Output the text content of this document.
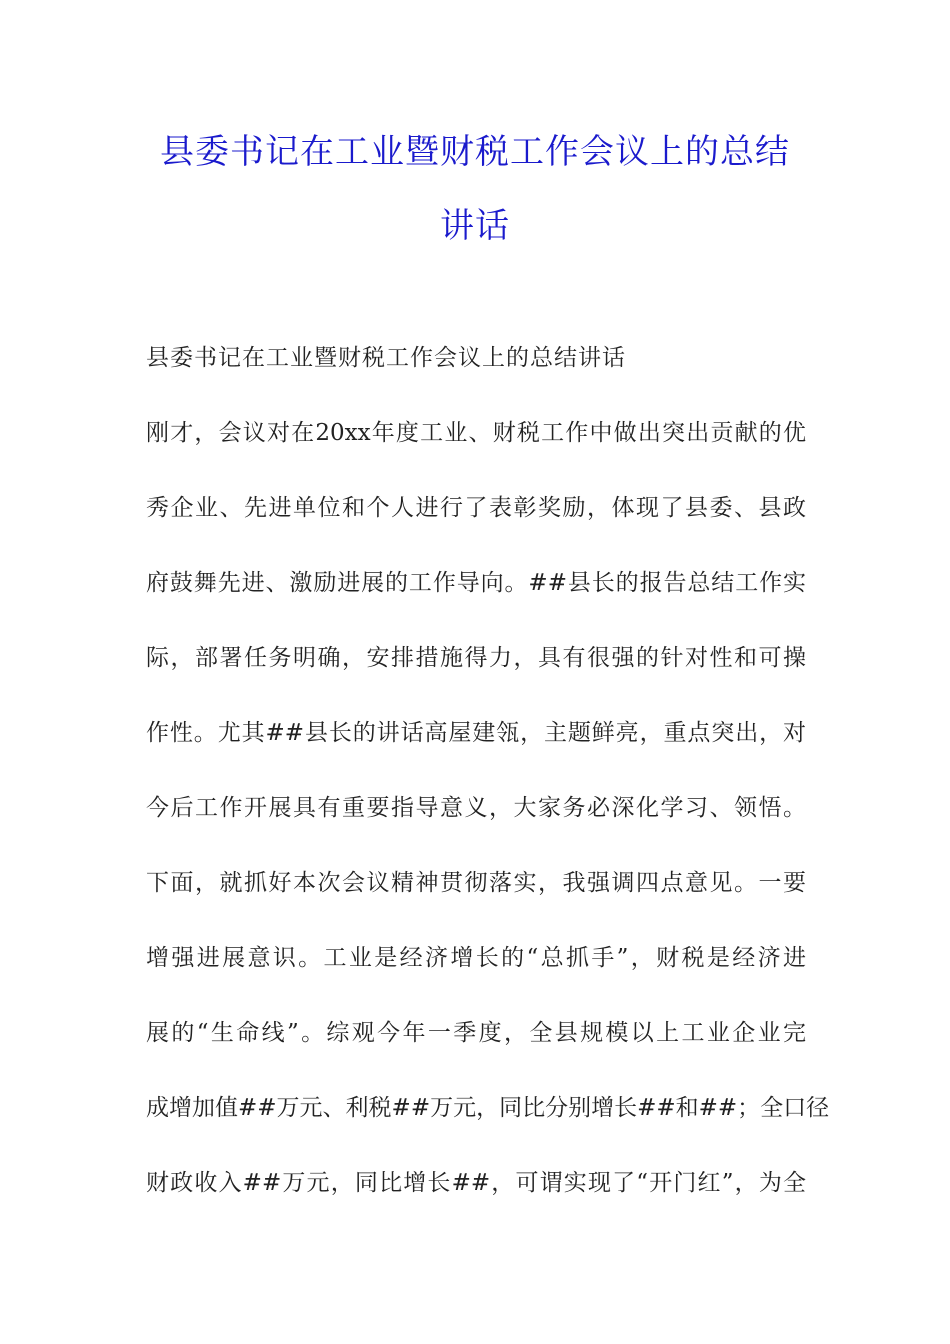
县委书记在工业暨财税工作会议上的总结
讲话
县委书记在工业暨财税工作会议上的总结讲话
刚才，会议对在20xx年度工业、财税工作中做出突出贡献的优
秀企业、先进单位和个人进行了表彰奖励，体现了县委、县政
府鼓舞先进、激励进展的工作导向。##县长的报告总结工作实
际，部署任务明确，安排措施得力，具有很强的针对性和可操
作性。尤其##县长的讲话高屋建瓴，主题鲜亮，重点突出，对
今后工作开展具有重要指导意义，大家务必深化学习、领悟。
下面，就抓好本次会议精神贯彻落实，我强调四点意见。一要
增强进展意识。工业是经济增长的“总抓手”，财税是经济进
展的“生命线”。综观今年一季度，全县规模以上工业企业完
成增加值##万元、利税##万元，同比分别增长##和##；全口径
财政收入##万元，同比增长##，可谓实现了“开门红”，为全
